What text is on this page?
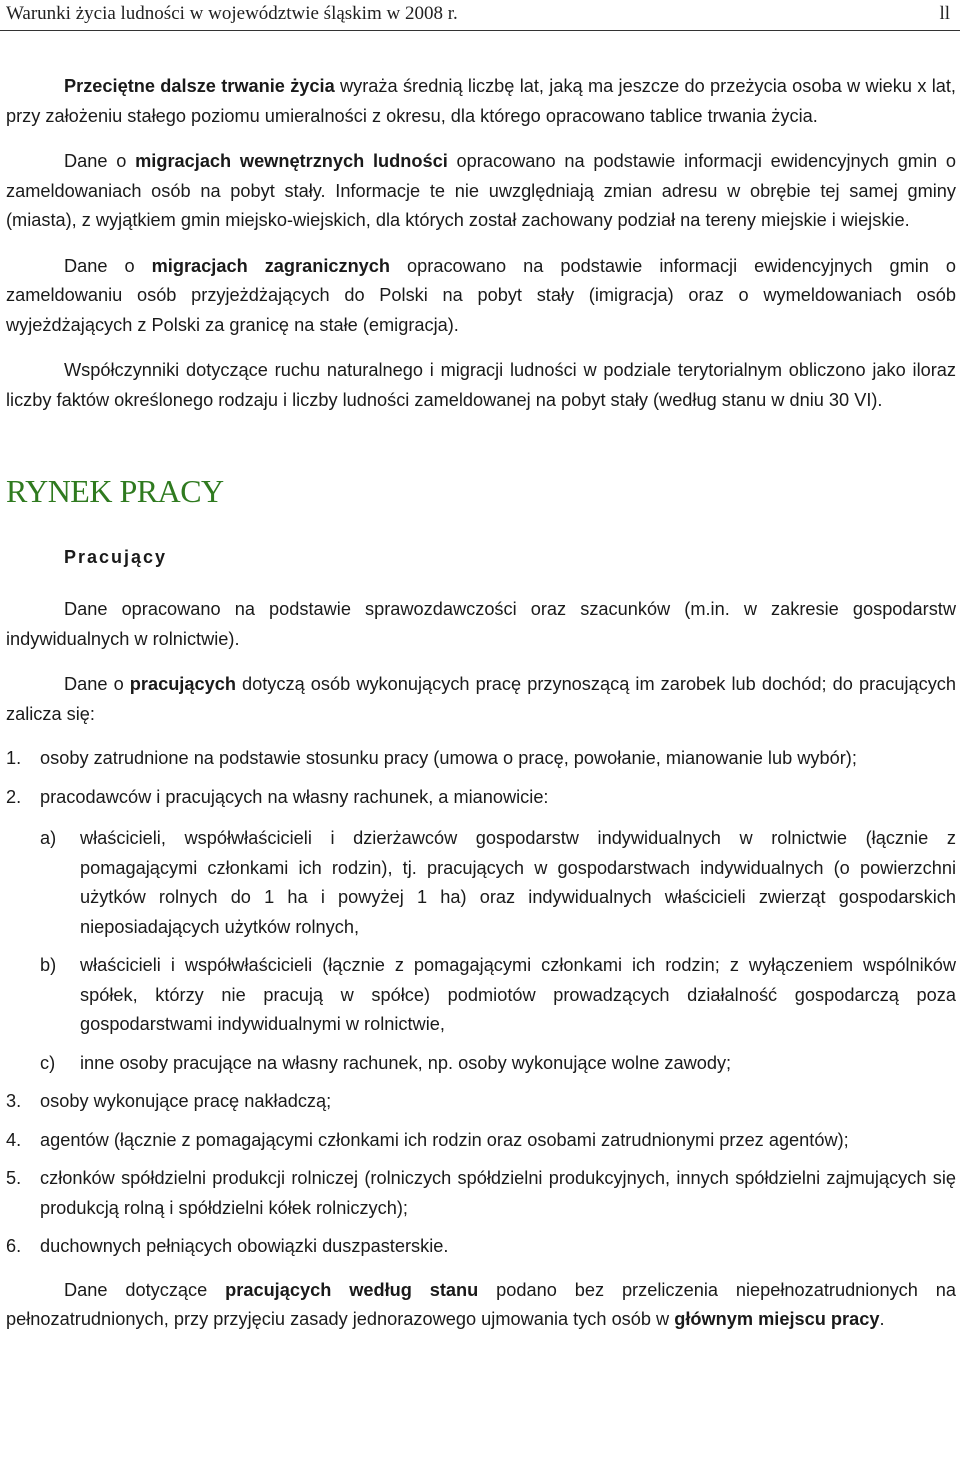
Warunki życia ludności w województwie śląskim w 2008 r.	ll

Przeciętne dalsze trwanie życia wyraża średnią liczbę lat, jaką ma jeszcze do przeżycia osoba w wieku x lat, przy założeniu stałego poziomu umieralności z okresu, dla którego opracowano tablice trwania życia.

Dane o migracjach wewnętrznych ludności opracowano na podstawie informacji ewidencyjnych gmin o zameldowaniach osób na pobyt stały. Informacje te nie uwzględniają zmian adresu w obrębie tej samej gminy (miasta), z wyjątkiem gmin miejsko-wiejskich, dla których został zachowany podział na tereny miejskie i wiejskie.

Dane o migracjach zagranicznych opracowano na podstawie informacji ewidencyjnych gmin o zameldowaniu osób przyjeżdżających do Polski na pobyt stały (imigracja) oraz o wymeldowaniach osób wyjeżdżających z Polski za granicę na stałe (emigracja).

Współczynniki dotyczące ruchu naturalnego i migracji ludności w podziale terytorialnym obliczono jako iloraz liczby faktów określonego rodzaju i liczby ludności zameldowanej na pobyt stały (według stanu w dniu 30 VI).

RYNEK PRACY
Pracujący

Dane opracowano na podstawie sprawozdawczości oraz szacunków (m.in. w zakresie gospodarstw indywidualnych w rolnictwie).

Dane o pracujących dotyczą osób wykonujących pracę przynoszącą im zarobek lub dochód; do pracujących zalicza się:

1. osoby zatrudnione na podstawie stosunku pracy (umowa o pracę, powołanie, mianowanie lub wybór);
2. pracodawców i pracujących na własny rachunek, a mianowicie:
a) właścicieli, współwłaścicieli i dzierżawców gospodarstw indywidualnych w rolnictwie (łącznie z pomagającymi członkami ich rodzin), tj. pracujących w gospodarstwach indywidualnych (o powierzchni użytków rolnych do 1 ha i powyżej 1 ha) oraz indywidualnych właścicieli zwierząt gospodarskich nieposiadających użytków rolnych,
b) właścicieli i współwłaścicieli (łącznie z pomagającymi członkami ich rodzin; z wyłączeniem wspólników spółek, którzy nie pracują w spółce) podmiotów prowadzących działalność gospodarczą poza gospodarstwami indywidualnymi w rolnictwie,
c) inne osoby pracujące na własny rachunek, np. osoby wykonujące wolne zawody;
3. osoby wykonujące pracę nakładczą;
4. agentów (łącznie z pomagającymi członkami ich rodzin oraz osobami zatrudnionymi przez agentów);
5. członków spółdzielni produkcji rolniczej (rolniczych spółdzielni produkcyjnych, innych spółdzielni zajmujących się produkcją rolną i spółdzielni kółek rolniczych);
6. duchownych pełniących obowiązki duszpasterskie.

Dane dotyczące pracujących według stanu podano bez przeliczenia niepełnozatrudnionych na pełnozatrudnionych, przy przyjęciu zasady jednorazowego ujmowania tych osób w głównym miejscu pracy.
